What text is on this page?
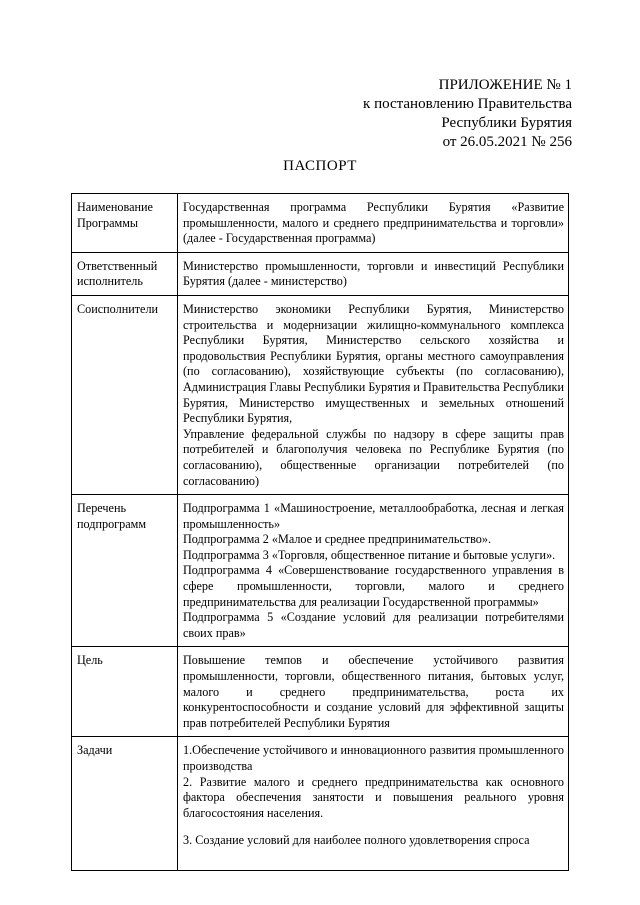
ПРИЛОЖЕНИЕ № 1
к постановлению Правительства
Республики Бурятия
от 26.05.2021 № 256
ПАСПОРТ
Наименование Программы	Государственная программа Республики Бурятия «Развитие промышленности, малого и среднего предпринимательства и торговли» (далее - Государственная программа)

Ответственный исполнитель	Министерство промышленности, торговли и инвестиций Республики Бурятия (далее - министерство)

Соисполнители	Министерство экономики Республики Бурятия, Министерство строительства и модернизации жилищно-коммунального комплекса Республики Бурятия, Министерство сельского хозяйства и продовольствия Республики Бурятия, органы местного самоуправления (по согласованию), хозяйствующие субъекты (по согласованию), Администрация Главы Республики Бурятия и Правительства Республики Бурятия, Министерство имущественных и земельных отношений Республики Бурятия,
Управление федеральной службы по надзору в сфере защиты прав потребителей и благополучия человека по Республике Бурятия (по согласованию), общественные организации потребителей (по согласованию)

Перечень подпрограмм	Подпрограмма 1 «Машиностроение, металлообработка, лесная и легкая промышленность»
Подпрограмма 2 «Малое и среднее предпринимательство».
Подпрограмма 3 «Торговля, общественное питание и бытовые услуги».
Подпрограмма 4 «Совершенствование государственного управления в сфере промышленности, торговли, малого и среднего предпринимательства для реализации Государственной программы»
Подпрограмма 5 «Создание условий для реализации потребителями своих прав»

Цель	Повышение темпов и обеспечение устойчивого развития промышленности, торговли, общественного питания, бытовых услуг, малого и среднего предпринимательства, роста их конкурентоспособности и создание условий для эффективной защиты прав потребителей Республики Бурятия

Задачи	1.Обеспечение устойчивого и инновационного развития промышленного производства
2. Развитие малого и среднего предпринимательства как основного фактора обеспечения занятости и повышения реального уровня благосостояния населения.
3. Создание условий для наиболее полного удовлетворения спроса
